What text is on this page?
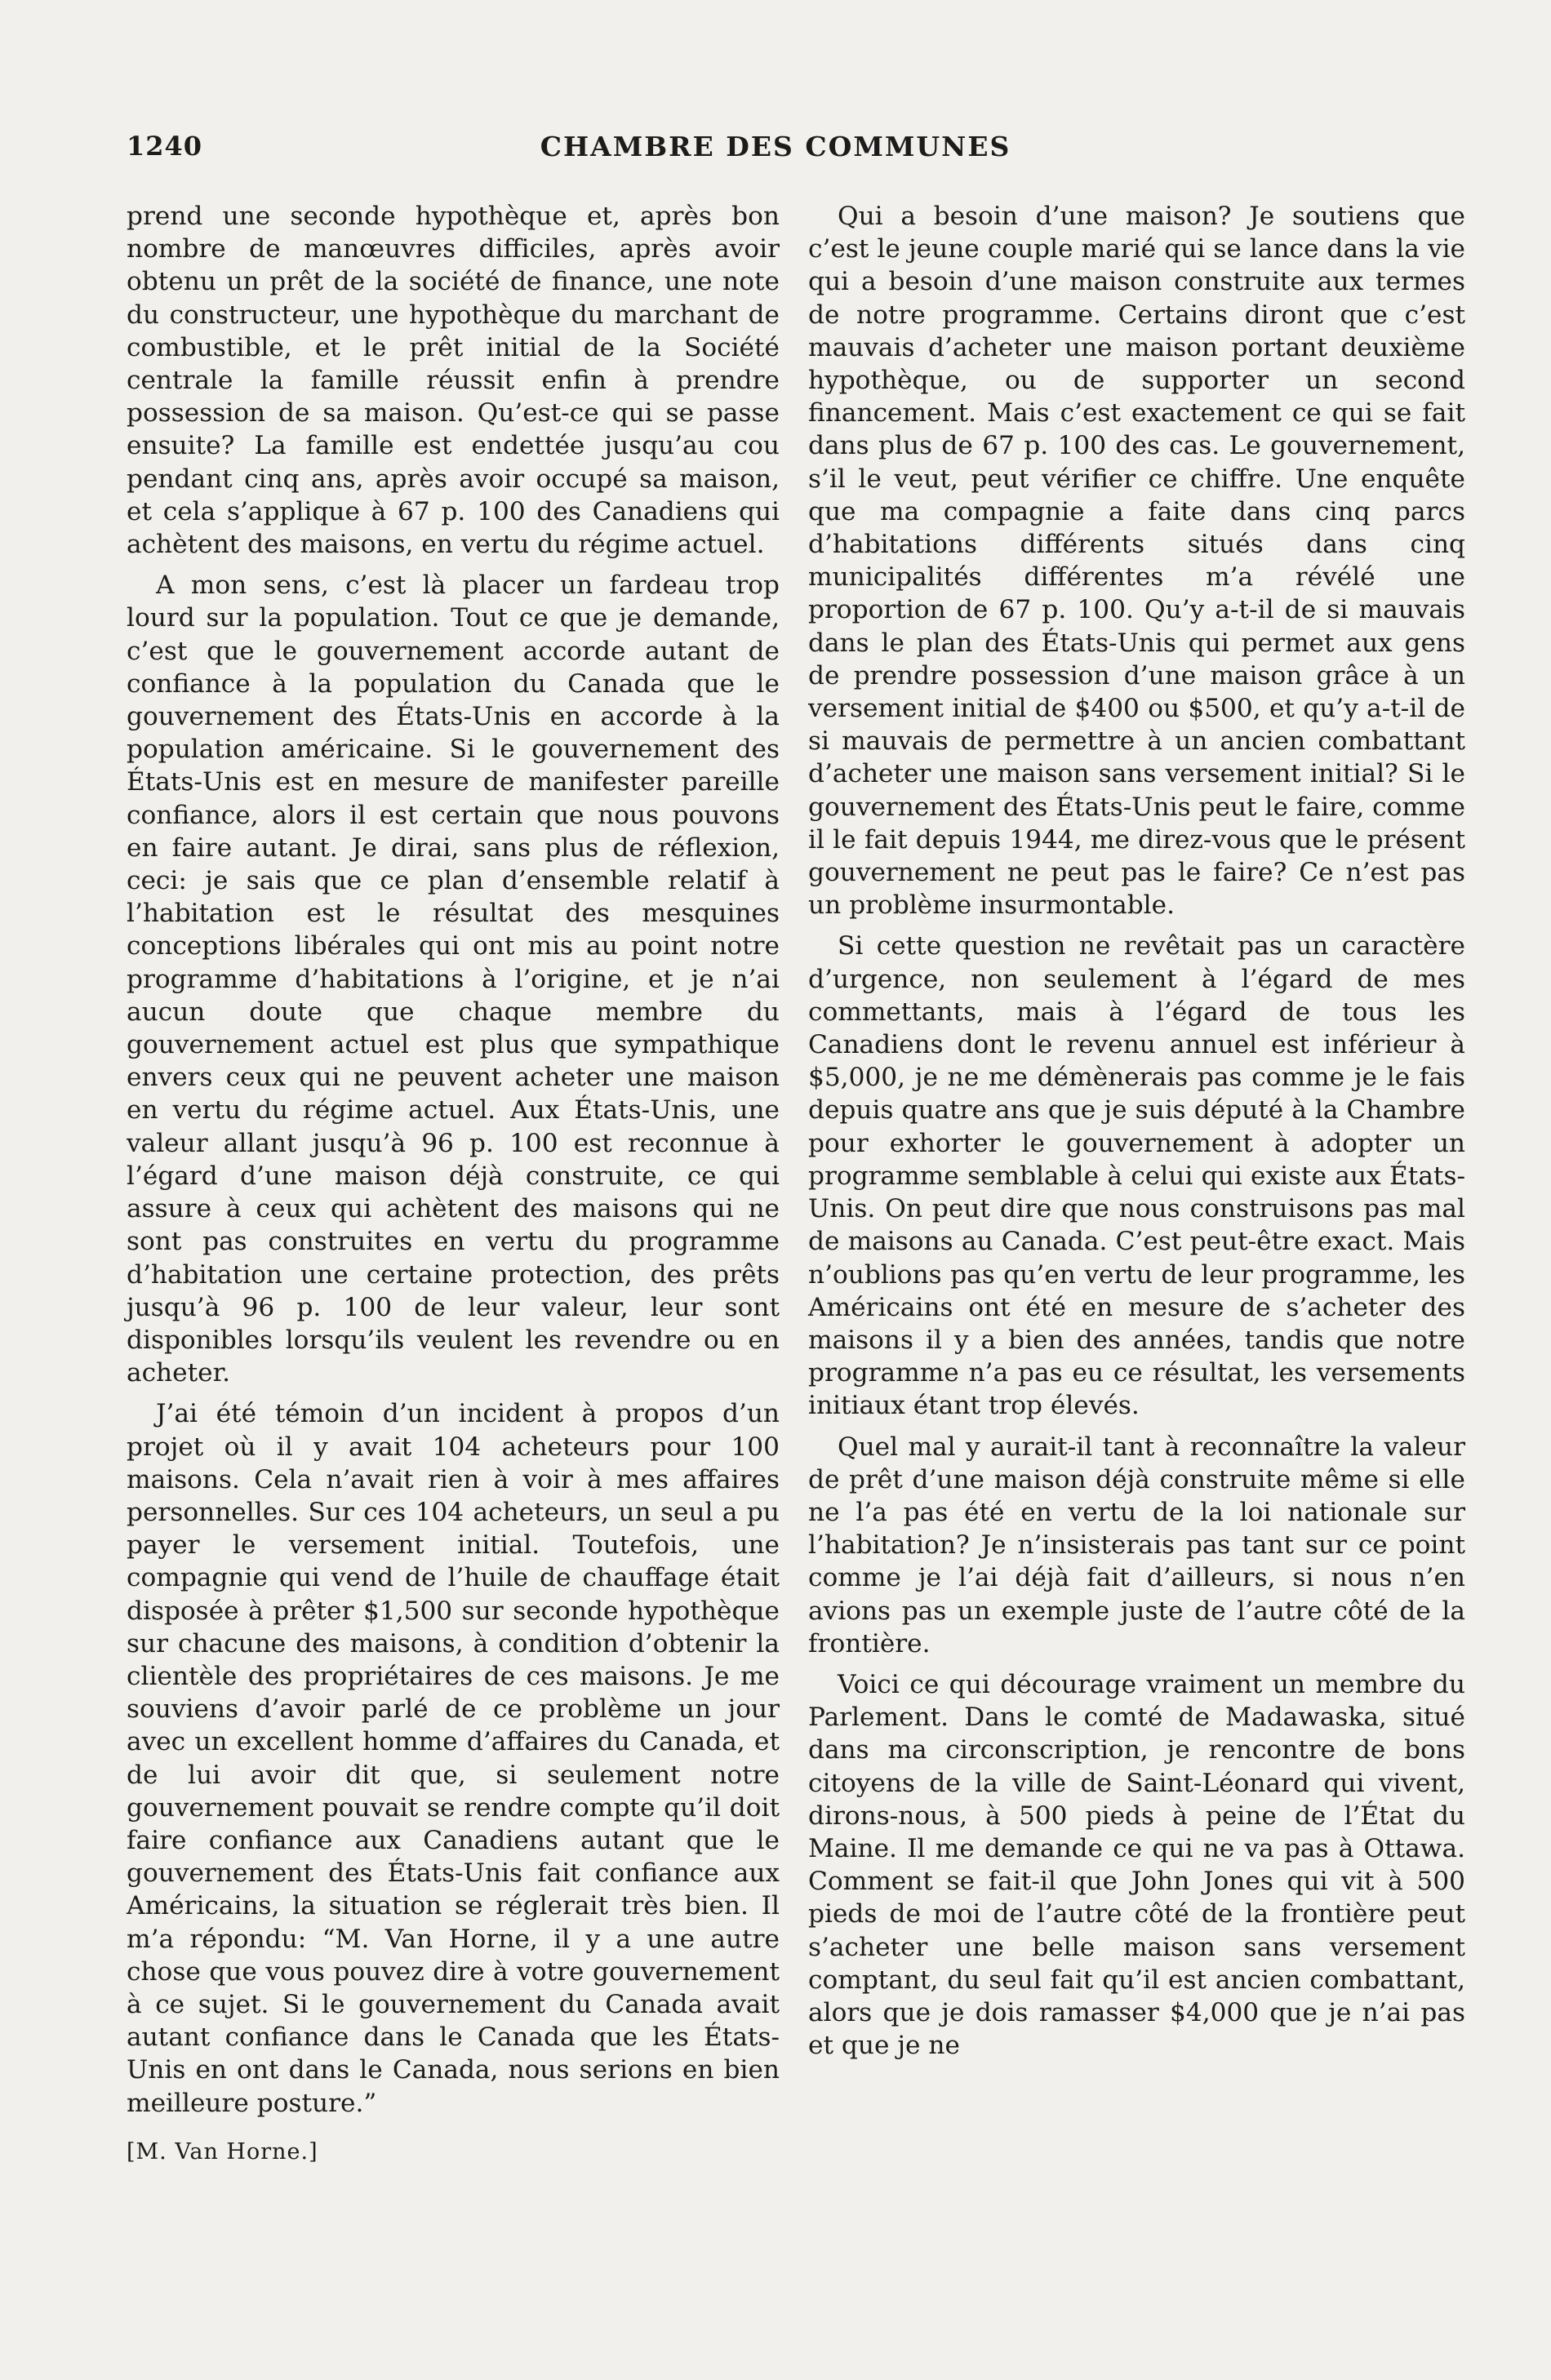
1240	CHAMBRE DES COMMUNES

prend une seconde hypothèque et, après bon nombre de manœuvres difficiles, après avoir obtenu un prêt de la société de finance, une note du constructeur, une hypothèque du marchant de combustible, et le prêt initial de la Société centrale la famille réussit enfin à prendre possession de sa maison. Qu’est-ce qui se passe ensuite? La famille est endettée jusqu’au cou pendant cinq ans, après avoir occupé sa maison, et cela s’applique à 67 p. 100 des Canadiens qui achètent des maisons, en vertu du régime actuel.

A mon sens, c’est là placer un fardeau trop lourd sur la population. Tout ce que je demande, c’est que le gouvernement accorde autant de confiance à la population du Canada que le gouvernement des États-Unis en accorde à la population américaine. Si le gouvernement des États-Unis est en mesure de manifester pareille confiance, alors il est certain que nous pouvons en faire autant. Je dirai, sans plus de réflexion, ceci: je sais que ce plan d’ensemble relatif à l’habitation est le résultat des mesquines conceptions libérales qui ont mis au point notre programme d’habitations à l’origine, et je n’ai aucun doute que chaque membre du gouvernement actuel est plus que sympathique envers ceux qui ne peuvent acheter une maison en vertu du régime actuel. Aux États-Unis, une valeur allant jusqu’à 96 p. 100 est reconnue à l’égard d’une maison déjà construite, ce qui assure à ceux qui achètent des maisons qui ne sont pas construites en vertu du programme d’habitation une certaine protection, des prêts jusqu’à 96 p. 100 de leur valeur, leur sont disponibles lorsqu’ils veulent les revendre ou en acheter.

J’ai été témoin d’un incident à propos d’un projet où il y avait 104 acheteurs pour 100 maisons. Cela n’avait rien à voir à mes affaires personnelles. Sur ces 104 acheteurs, un seul a pu payer le versement initial. Toutefois, une compagnie qui vend de l’huile de chauffage était disposée à prêter $1,500 sur seconde hypothèque sur chacune des maisons, à condition d’obtenir la clientèle des propriétaires de ces maisons. Je me souviens d’avoir parlé de ce problème un jour avec un excellent homme d’affaires du Canada, et de lui avoir dit que, si seulement notre gouvernement pouvait se rendre compte qu’il doit faire confiance aux Canadiens autant que le gouvernement des États-Unis fait confiance aux Américains, la situation se réglerait très bien. Il m’a répondu: “M. Van Horne, il y a une autre chose que vous pouvez dire à votre gouvernement à ce sujet. Si le gouvernement du Canada avait autant confiance dans le Canada que les États-Unis en ont dans le Canada, nous serions en bien meilleure posture.”

[M. Van Horne.]

Qui a besoin d’une maison? Je soutiens que c’est le jeune couple marié qui se lance dans la vie qui a besoin d’une maison construite aux termes de notre programme. Certains diront que c’est mauvais d’acheter une maison portant deuxième hypothèque, ou de supporter un second financement. Mais c’est exactement ce qui se fait dans plus de 67 p. 100 des cas. Le gouvernement, s’il le veut, peut vérifier ce chiffre. Une enquête que ma compagnie a faite dans cinq parcs d’habitations différents situés dans cinq municipalités différentes m’a révélé une proportion de 67 p. 100. Qu’y a-t-il de si mauvais dans le plan des États-Unis qui permet aux gens de prendre possession d’une maison grâce à un versement initial de $400 ou $500, et qu’y a-t-il de si mauvais de permettre à un ancien combattant d’acheter une maison sans versement initial? Si le gouvernement des États-Unis peut le faire, comme il le fait depuis 1944, me direz-vous que le présent gouvernement ne peut pas le faire? Ce n’est pas un problème insurmontable.

Si cette question ne revêtait pas un caractère d’urgence, non seulement à l’égard de mes commettants, mais à l’égard de tous les Canadiens dont le revenu annuel est inférieur à $5,000, je ne me démènerais pas comme je le fais depuis quatre ans que je suis député à la Chambre pour exhorter le gouvernement à adopter un programme semblable à celui qui existe aux États-Unis. On peut dire que nous construisons pas mal de maisons au Canada. C’est peut-être exact. Mais n’oublions pas qu’en vertu de leur programme, les Américains ont été en mesure de s’acheter des maisons il y a bien des années, tandis que notre programme n’a pas eu ce résultat, les versements initiaux étant trop élevés.

Quel mal y aurait-il tant à reconnaître la valeur de prêt d’une maison déjà construite même si elle ne l’a pas été en vertu de la loi nationale sur l’habitation? Je n’insisterais pas tant sur ce point comme je l’ai déjà fait d’ailleurs, si nous n’en avions pas un exemple juste de l’autre côté de la frontière.

Voici ce qui décourage vraiment un membre du Parlement. Dans le comté de Madawaska, situé dans ma circonscription, je rencontre de bons citoyens de la ville de Saint-Léonard qui vivent, dirons-nous, à 500 pieds à peine de l’État du Maine. Il me demande ce qui ne va pas à Ottawa. Comment se fait-il que John Jones qui vit à 500 pieds de moi de l’autre côté de la frontière peut s’acheter une belle maison sans versement comptant, du seul fait qu’il est ancien combattant, alors que je dois ramasser $4,000 que je n’ai pas et que je ne
